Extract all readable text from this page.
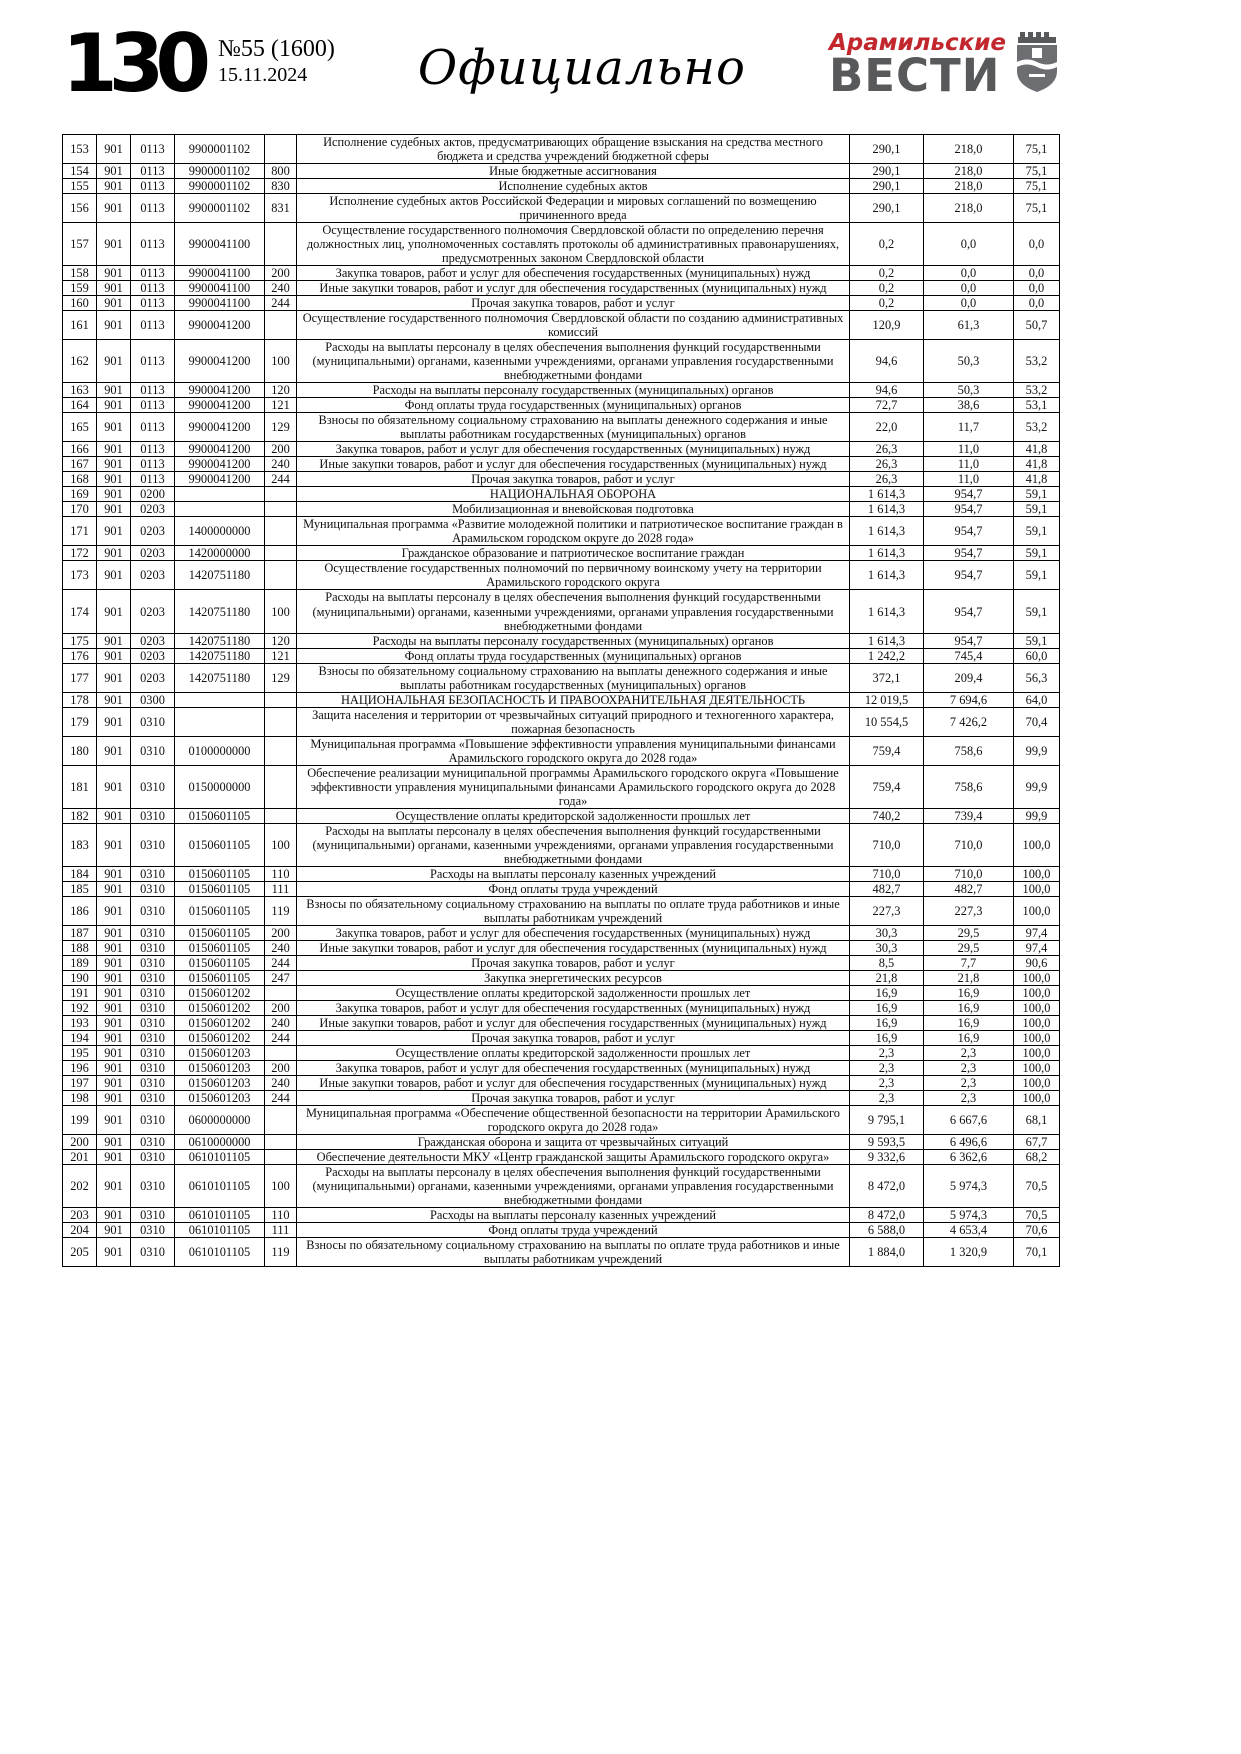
130 №55 (1600)
15.11.2024	Официально	Арамильские
ВЕСТИ
153	901	0113	9900001102		Исполнение судебных актов, предусматривающих обращение взыскания на средства местного бюджета и средства учреждений бюджетной сферы	290,1	218,0	75,1
154	901	0113	9900001102	800	Иные бюджетные ассигнования	290,1	218,0	75,1
155	901	0113	9900001102	830	Исполнение судебных актов	290,1	218,0	75,1
156	901	0113	9900001102	831	Исполнение судебных актов Российской Федерации и мировых соглашений по возмещению причиненного вреда	290,1	218,0	75,1
157	901	0113	9900041100		Осуществление государственного полномочия Свердловской области по определению перечня должностных лиц, уполномоченных составлять протоколы об административных правонарушениях, предусмотренных законом Свердловской области	0,2	0,0	0,0
158	901	0113	9900041100	200	Закупка товаров, работ и услуг для обеспечения государственных (муниципальных) нужд	0,2	0,0	0,0
159	901	0113	9900041100	240	Иные закупки товаров, работ и услуг для обеспечения государственных (муниципальных) нужд	0,2	0,0	0,0
160	901	0113	9900041100	244	Прочая закупка товаров, работ и услуг	0,2	0,0	0,0
161	901	0113	9900041200		Осуществление государственного полномочия Свердловской области по созданию административных комиссий	120,9	61,3	50,7
162	901	0113	9900041200	100	Расходы на выплаты персоналу в целях обеспечения выполнения функций государственными (муниципальными) органами, казенными учреждениями, органами управления государственными внебюджетными фондами	94,6	50,3	53,2
163	901	0113	9900041200	120	Расходы на выплаты персоналу государственных (муниципальных) органов	94,6	50,3	53,2
164	901	0113	9900041200	121	Фонд оплаты труда государственных (муниципальных) органов	72,7	38,6	53,1
165	901	0113	9900041200	129	Взносы по обязательному социальному страхованию на выплаты денежного содержания и иные выплаты работникам государственных (муниципальных) органов	22,0	11,7	53,2
166	901	0113	9900041200	200	Закупка товаров, работ и услуг для обеспечения государственных (муниципальных) нужд	26,3	11,0	41,8
167	901	0113	9900041200	240	Иные закупки товаров, работ и услуг для обеспечения государственных (муниципальных) нужд	26,3	11,0	41,8
168	901	0113	9900041200	244	Прочая закупка товаров, работ и услуг	26,3	11,0	41,8
169	901	0200			НАЦИОНАЛЬНАЯ ОБОРОНА	1 614,3	954,7	59,1
170	901	0203			Мобилизационная и вневойсковая подготовка	1 614,3	954,7	59,1
171	901	0203	1400000000		Муниципальная программа «Развитие молодежной политики и патриотическое воспитание граждан в Арамильском городском округе до 2028 года»	1 614,3	954,7	59,1
172	901	0203	1420000000		Гражданское образование и патриотическое воспитание граждан	1 614,3	954,7	59,1
173	901	0203	1420751180		Осуществление государственных полномочий по первичному воинскому учету на территории Арамильского городского округа	1 614,3	954,7	59,1
174	901	0203	1420751180	100	Расходы на выплаты персоналу в целях обеспечения выполнения функций государственными (муниципальными) органами, казенными учреждениями, органами управления государственными внебюджетными фондами	1 614,3	954,7	59,1
175	901	0203	1420751180	120	Расходы на выплаты персоналу государственных (муниципальных) органов	1 614,3	954,7	59,1
176	901	0203	1420751180	121	Фонд оплаты труда государственных (муниципальных) органов	1 242,2	745,4	60,0
177	901	0203	1420751180	129	Взносы по обязательному социальному страхованию на выплаты денежного содержания и иные выплаты работникам государственных (муниципальных) органов	372,1	209,4	56,3
178	901	0300			НАЦИОНАЛЬНАЯ БЕЗОПАСНОСТЬ И ПРАВООХРАНИТЕЛЬНАЯ ДЕЯТЕЛЬНОСТЬ	12 019,5	7 694,6	64,0
179	901	0310			Защита населения и территории от чрезвычайных ситуаций природного и техногенного характера, пожарная безопасность	10 554,5	7 426,2	70,4
180	901	0310	0100000000		Муниципальная программа «Повышение эффективности управления муниципальными финансами Арамильского городского округа до 2028 года»	759,4	758,6	99,9
181	901	0310	0150000000		Обеспечение реализации муниципальной программы Арамильского городского округа «Повышение эффективности управления муниципальными финансами Арамильского городского округа до 2028 года»	759,4	758,6	99,9
182	901	0310	0150601105		Осуществление оплаты кредиторской задолженности прошлых лет	740,2	739,4	99,9
183	901	0310	0150601105	100	Расходы на выплаты персоналу в целях обеспечения выполнения функций государственными (муниципальными) органами, казенными учреждениями, органами управления государственными внебюджетными фондами	710,0	710,0	100,0
184	901	0310	0150601105	110	Расходы на выплаты персоналу казенных учреждений	710,0	710,0	100,0
185	901	0310	0150601105	111	Фонд оплаты труда учреждений	482,7	482,7	100,0
186	901	0310	0150601105	119	Взносы по обязательному социальному страхованию на выплаты по оплате труда работников и иные выплаты работникам учреждений	227,3	227,3	100,0
187	901	0310	0150601105	200	Закупка товаров, работ и услуг для обеспечения государственных (муниципальных) нужд	30,3	29,5	97,4
188	901	0310	0150601105	240	Иные закупки товаров, работ и услуг для обеспечения государственных (муниципальных) нужд	30,3	29,5	97,4
189	901	0310	0150601105	244	Прочая закупка товаров, работ и услуг	8,5	7,7	90,6
190	901	0310	0150601105	247	Закупка энергетических ресурсов	21,8	21,8	100,0
191	901	0310	0150601202		Осуществление оплаты кредиторской задолженности прошлых лет	16,9	16,9	100,0
192	901	0310	0150601202	200	Закупка товаров, работ и услуг для обеспечения государственных (муниципальных) нужд	16,9	16,9	100,0
193	901	0310	0150601202	240	Иные закупки товаров, работ и услуг для обеспечения государственных (муниципальных) нужд	16,9	16,9	100,0
194	901	0310	0150601202	244	Прочая закупка товаров, работ и услуг	16,9	16,9	100,0
195	901	0310	0150601203		Осуществление оплаты кредиторской задолженности прошлых лет	2,3	2,3	100,0
196	901	0310	0150601203	200	Закупка товаров, работ и услуг для обеспечения государственных (муниципальных) нужд	2,3	2,3	100,0
197	901	0310	0150601203	240	Иные закупки товаров, работ и услуг для обеспечения государственных (муниципальных) нужд	2,3	2,3	100,0
198	901	0310	0150601203	244	Прочая закупка товаров, работ и услуг	2,3	2,3	100,0
199	901	0310	0600000000		Муниципальная программа «Обеспечение общественной безопасности на территории Арамильского городского округа до 2028 года»	9 795,1	6 667,6	68,1
200	901	0310	0610000000		Гражданская оборона и защита от чрезвычайных ситуаций	9 593,5	6 496,6	67,7
201	901	0310	0610101105		Обеспечение деятельности МКУ «Центр гражданской защиты Арамильского городского округа»	9 332,6	6 362,6	68,2
202	901	0310	0610101105	100	Расходы на выплаты персоналу в целях обеспечения выполнения функций государственными (муниципальными) органами, казенными учреждениями, органами управления государственными внебюджетными фондами	8 472,0	5 974,3	70,5
203	901	0310	0610101105	110	Расходы на выплаты персоналу казенных учреждений	8 472,0	5 974,3	70,5
204	901	0310	0610101105	111	Фонд оплаты труда учреждений	6 588,0	4 653,4	70,6
205	901	0310	0610101105	119	Взносы по обязательному социальному страхованию на выплаты по оплате труда работников и иные выплаты работникам учреждений	1 884,0	1 320,9	70,1
